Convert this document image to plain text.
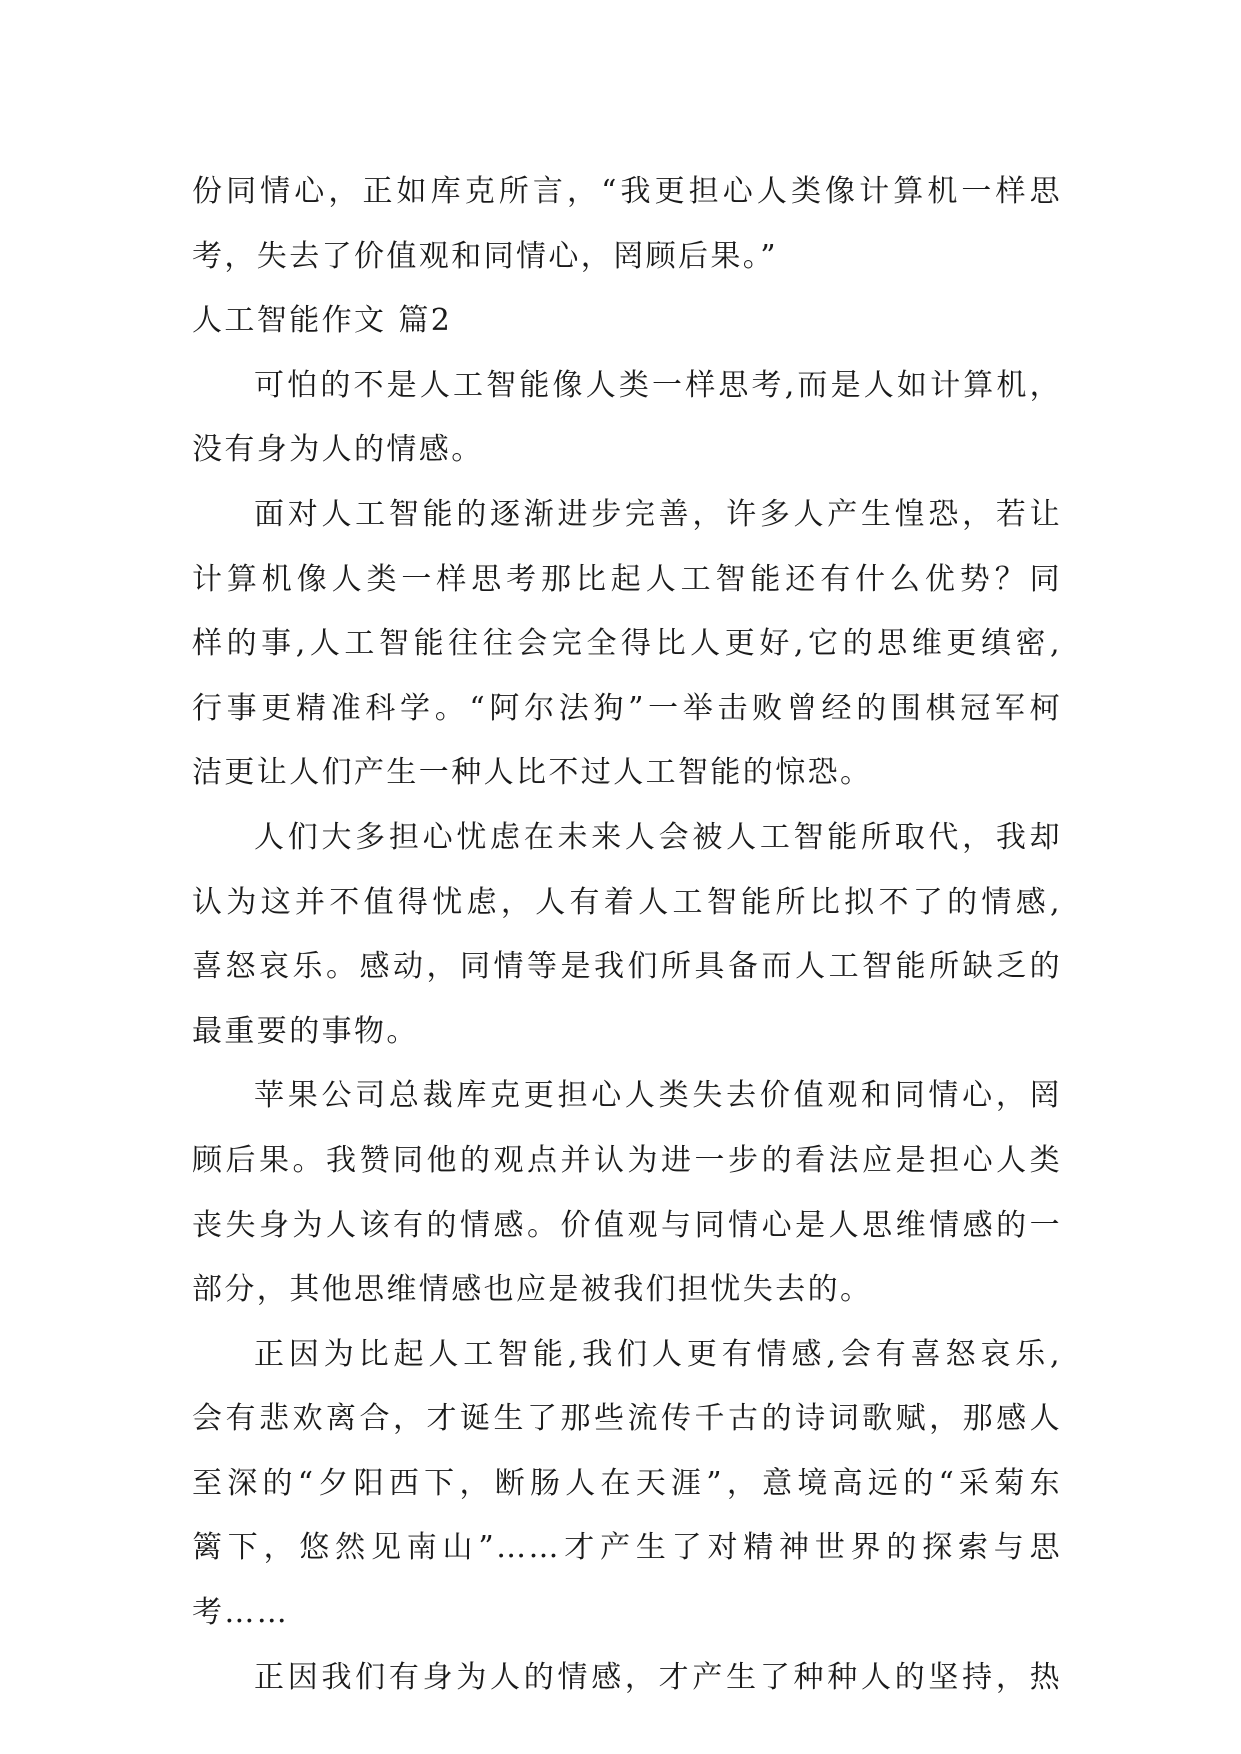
份同情心，正如库克所言，“我更担心人类像计算机一样思
考，失去了价值观和同情心，罔顾后果。”
人工智能作文 篇2
可怕的不是人工智能像人类一样思考,而是人如计算机，
没有身为人的情感。
面对人工智能的逐渐进步完善，许多人产生惶恐，若让
计算机像人类一样思考那比起人工智能还有什么优势？同
样的事,人工智能往往会完全得比人更好,它的思维更缜密,
行事更精准科学。“阿尔法狗”一举击败曾经的围棋冠军柯
洁更让人们产生一种人比不过人工智能的惊恐。
人们大多担心忧虑在未来人会被人工智能所取代，我却
认为这并不值得忧虑，人有着人工智能所比拟不了的情感,
喜怒哀乐。感动，同情等是我们所具备而人工智能所缺乏的
最重要的事物。
苹果公司总裁库克更担心人类失去价值观和同情心，罔
顾后果。我赞同他的观点并认为进一步的看法应是担心人类
丧失身为人该有的情感。价值观与同情心是人思维情感的一
部分，其他思维情感也应是被我们担忧失去的。
正因为比起人工智能,我们人更有情感,会有喜怒哀乐,
会有悲欢离合，才诞生了那些流传千古的诗词歌赋，那感人
至深的“夕阳西下，断肠人在天涯”，意境高远的“采菊东
篱下，悠然见南山”……才产生了对精神世界的探索与思
考……
正因我们有身为人的情感，才产生了种种人的坚持，热
